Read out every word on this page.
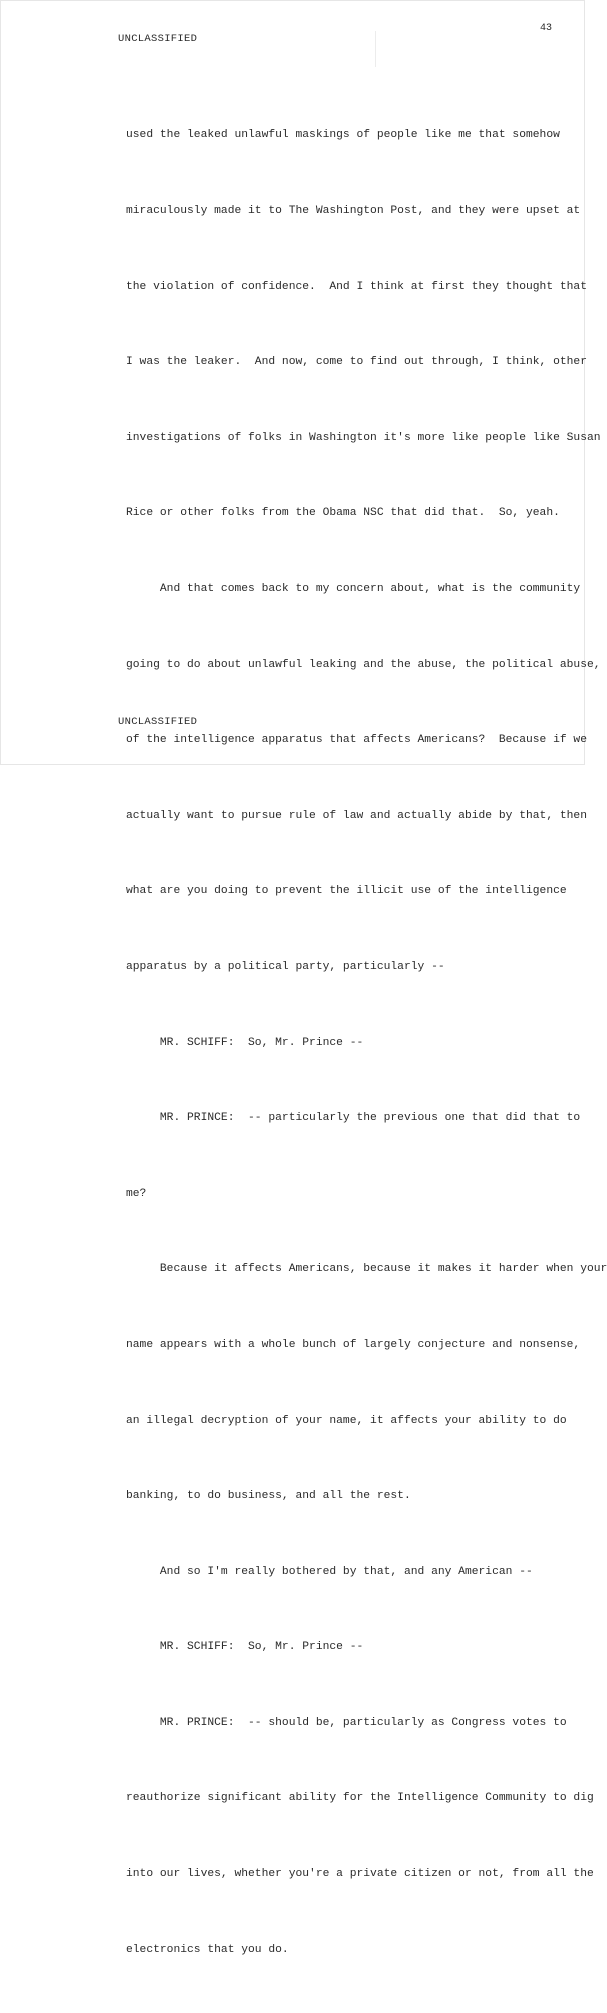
43
UNCLASSIFIED

used the leaked unlawful maskings of people like me that somehow

miraculously made it to The Washington Post, and they were upset at

the violation of confidence.  And I think at first they thought that

I was the leaker.  And now, come to find out through, I think, other

investigations of folks in Washington it's more like people like Susan

Rice or other folks from the Obama NSC that did that.  So, yeah.

And that comes back to my concern about, what is the community

going to do about unlawful leaking and the abuse, the political abuse,

of the intelligence apparatus that affects Americans?  Because if we

actually want to pursue rule of law and actually abide by that, then

what are you doing to prevent the illicit use of the intelligence

apparatus by a political party, particularly --

MR. SCHIFF:  So, Mr. Prince --

MR. PRINCE:  -- particularly the previous one that did that to

me?

Because it affects Americans, because it makes it harder when your

name appears with a whole bunch of largely conjecture and nonsense,

an illegal decryption of your name, it affects your ability to do

banking, to do business, and all the rest.

And so I'm really bothered by that, and any American --

MR. SCHIFF:  So, Mr. Prince --

MR. PRINCE:  -- should be, particularly as Congress votes to

reauthorize significant ability for the Intelligence Community to dig

into our lives, whether you're a private citizen or not, from all the

electronics that you do.

UNCLASSIFIED
